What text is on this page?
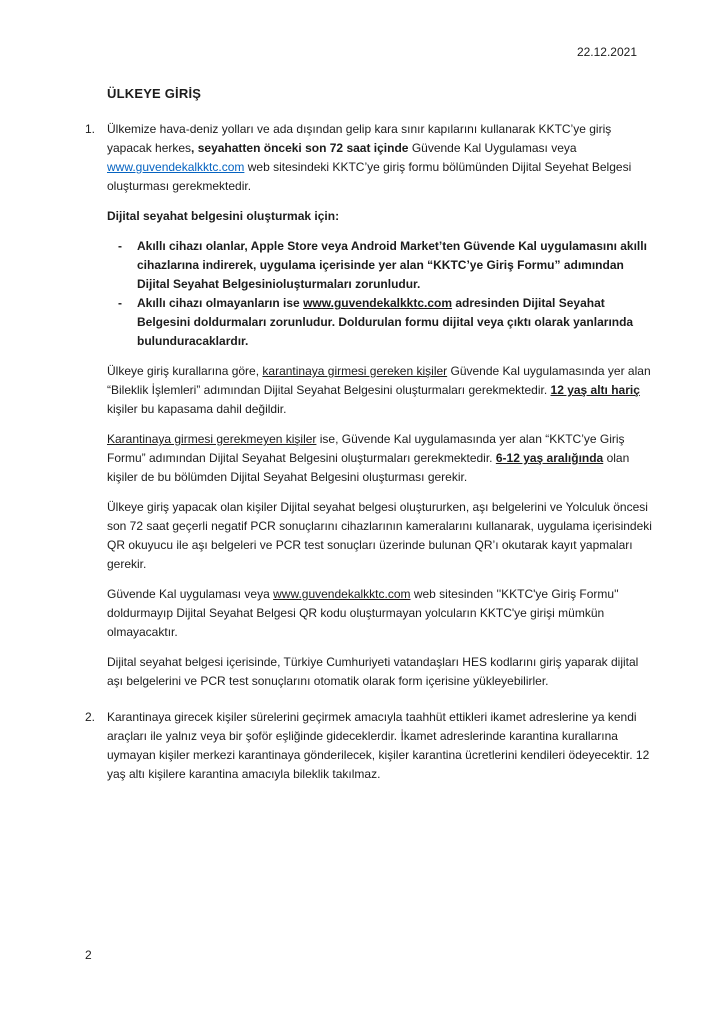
22.12.2021
ÜLKEYE GİRİŞ
1. Ülkemize hava-deniz yolları ve ada dışından gelip kara sınır kapılarını kullanarak KKTC’ye giriş yapacak herkes, seyahatten önceki son 72 saat içinde Güvende Kal Uygulaması veya www.guvendekalkktc.com web sitesindeki KKTC’ye giriş formu bölümünden Dijital Seyehat Belgesi oluşturması gerekmektedir.

Dijital seyahat belgesini oluşturmak için:

-	Akıllı cihazı olanlar, Apple Store veya Android Market’ten Güvende Kal uygulamasını akıllı cihazlarına indirerek, uygulama içerisinde yer alan “KKTC’ye Giriş Formu” adımından Dijital Seyahat Belgesinioluşturmaları zorunludur.

-	Akıllı cihazı olmayanların ise www.guvendekalkktc.com adresinden Dijital Seyahat Belgesini doldurmaları zorunludur. Doldurulan formu dijital veya çıktı olarak yanlarında bulunduracaklardır.

Ülkeye giriş kurallarına göre, karantinaya girmesi gereken kişiler Güvende Kal uygulamasında yer alan “Bileklik İşlemleri” adımından Dijital Seyahat Belgesini oluşturmaları gerekmektedir. 12 yaş altı hariç kişiler bu kapasama dahil değildir.

Karantinaya girmesi gerekmeyen kişiler ise, Güvende Kal uygulamasında yer alan “KKTC’ye Giriş Formu” adımından Dijital Seyahat Belgesini oluşturmaları gerekmektedir. 6-12 yaş aralığında olan kişiler de bu bölümden Dijital Seyahat Belgesini oluşturması gerekir.

Ülkeye giriş yapacak olan kişiler Dijital seyahat belgesi oluştururken, aşı belgelerini ve Yolculuk öncesi son 72 saat geçerli negatif PCR sonuçlarını cihazlarının kameralarını kullanarak, uygulama içerisindeki QR okuyucu ile aşı belgeleri ve PCR test sonuçları üzerinde bulunan QR’ı okutarak kayıt yapmaları gerekir.

Güvende Kal uygulaması veya www.guvendekalkktc.com web sitesinden ''KKTC'ye Giriş Formu'' doldurmayıp Dijital Seyahat Belgesi QR kodu oluşturmayan yolcuların KKTC'ye girişi mümkün olmayacaktır.

Dijital seyahat belgesi içerisinde, Türkiye Cumhuriyeti vatandaşları HES kodlarını giriş yaparak dijital aşı belgelerini ve PCR test sonuçlarını otomatik olarak form içerisine yükleyebilirler.

2. Karantinaya girecek kişiler sürelerini geçirmek amacıyla taahhüt ettikleri ikamet adreslerine ya kendi araçları ile yalnız veya bir şoför eşliğinde gideceklerdir. İkamet adreslerinde karantina kurallarına uymayan kişiler merkezi karantinaya gönderilecek, kişiler karantina ücretlerini kendileri ödeyecektir. 12 yaş altı kişilere karantina amacıyla bileklik takılmaz.

2
